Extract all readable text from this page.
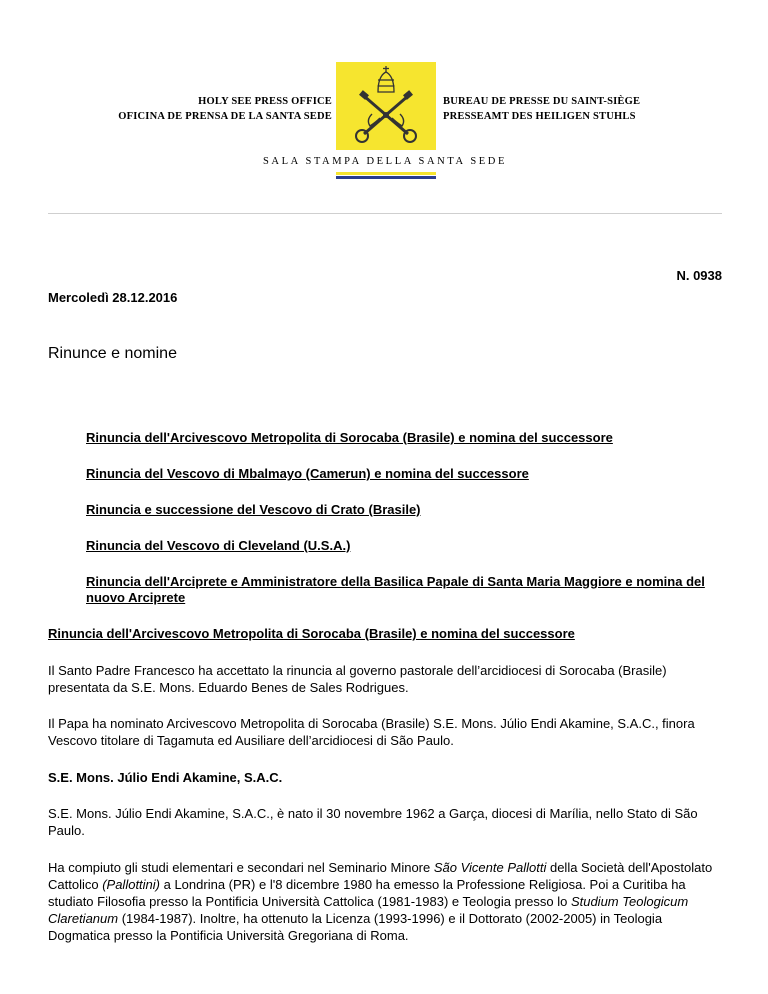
HOLY SEE PRESS OFFICE
OFICINA DE PRENSA DE LA SANTA SEDE
BUREAU DE PRESSE DU SAINT-SIÈGE
PRESSEAMT DES HEILIGEN STUHLS
SALA STAMPA DELLA SANTA SEDE
N. 0938
Mercoledì 28.12.2016
Rinunce e nomine
Rinuncia dell'Arcivescovo Metropolita di Sorocaba (Brasile) e nomina del successore
Rinuncia del Vescovo di Mbalmayo (Camerun) e nomina del successore
Rinuncia e successione del Vescovo di Crato (Brasile)
Rinuncia del Vescovo di Cleveland (U.S.A.)
Rinuncia dell'Arciprete e Amministratore della Basilica Papale di Santa Maria Maggiore e nomina del nuovo Arciprete
Rinuncia dell'Arcivescovo Metropolita di Sorocaba (Brasile) e nomina del successore

Il Santo Padre Francesco ha accettato la rinuncia al governo pastorale dell’arcidiocesi di Sorocaba (Brasile) presentata da S.E. Mons. Eduardo Benes de Sales Rodrigues.

Il Papa ha nominato Arcivescovo Metropolita di Sorocaba (Brasile) S.E. Mons. Júlio Endi Akamine, S.A.C., finora Vescovo titolare di Tagamuta ed Ausiliare dell’arcidiocesi di São Paulo.

S.E. Mons. Júlio Endi Akamine, S.A.C.

S.E. Mons. Júlio Endi Akamine, S.A.C., è nato il 30 novembre 1962 a Garça, diocesi di Marília, nello Stato di São Paulo.

Ha compiuto gli studi elementari e secondari nel Seminario Minore São Vicente Pallotti della Società dell'Apostolato Cattolico (Pallottini) a Londrina (PR) e l'8 dicembre 1980 ha emesso la Professione Religiosa. Poi a Curitiba ha studiato Filosofia presso la Pontificia Università Cattolica (1981-1983) e Teologia presso lo Studium Teologicum Claretianum (1984-1987). Inoltre, ha ottenuto la Licenza (1993-1996) e il Dottorato (2002-2005) in Teologia Dogmatica presso la Pontificia Università Gregoriana di Roma.
